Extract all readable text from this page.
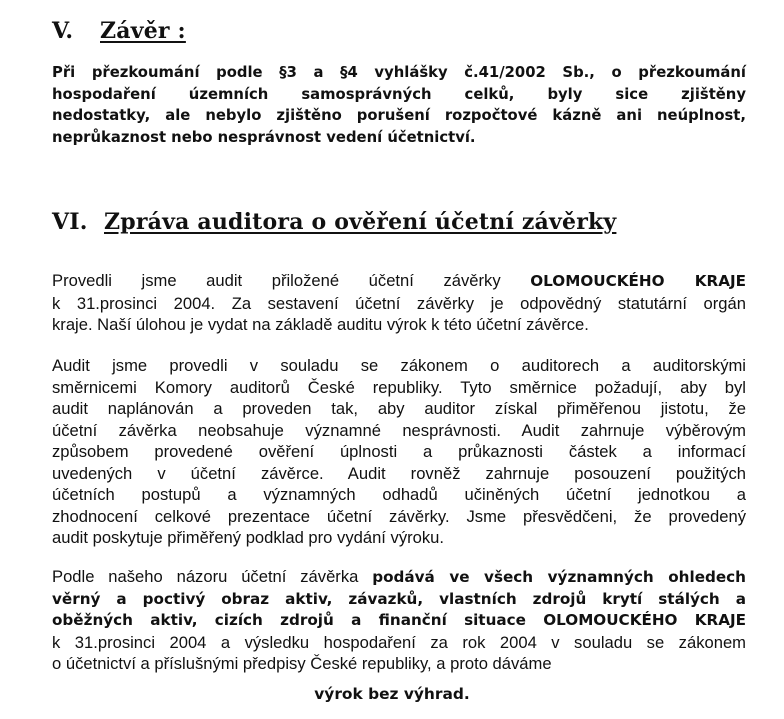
V. Závěr :
Při přezkoumání podle §3 a §4 vyhlášky č.41/2002 Sb., o přezkoumání
hospodaření územních samosprávných celků, byly sice zjištěny
nedostatky, ale nebylo zjištěno porušení rozpočtové kázně ani neúplnost,
neprůkaznost nebo nesprávnost vedení účetnictví.
VI. Zpráva auditora o ověření účetní závěrky
Provedli jsme audit přiložené účetní závěrky OLOMOUCKÉHO KRAJE
k 31.prosinci 2004. Za sestavení účetní závěrky je odpovědný statutární orgán
kraje. Naší úlohou je vydat na základě auditu výrok k této účetní závěrce.
Audit jsme provedli v souladu se zákonem o auditorech a auditorskými
směrnicemi Komory auditorů České republiky. Tyto směrnice požadují, aby byl
audit naplánován a proveden tak, aby auditor získal přiměřenou jistotu, že
účetní závěrka neobsahuje významné nesprávnosti. Audit zahrnuje výběrovým
způsobem provedené ověření úplnosti a průkaznosti částek a informací
uvedených v účetní závěrce. Audit rovněž zahrnuje posouzení použitých
účetních postupů a významných odhadů učiněných účetní jednotkou a
zhodnocení celkové prezentace účetní závěrky. Jsme přesvědčeni, že provedený
audit poskytuje přiměřený podklad pro vydání výroku.
Podle našeho názoru účetní závěrka podává ve všech významných ohledech
věrný a poctivý obraz aktiv, závazků, vlastních zdrojů krytí stálých a
oběžných aktiv, cizích zdrojů a finanční situace OLOMOUCKÉHO KRAJE
k 31.prosinci 2004 a výsledku hospodaření za rok 2004 v souladu se zákonem
o účetnictví a příslušnými předpisy České republiky, a proto dáváme
výrok bez výhrad.
